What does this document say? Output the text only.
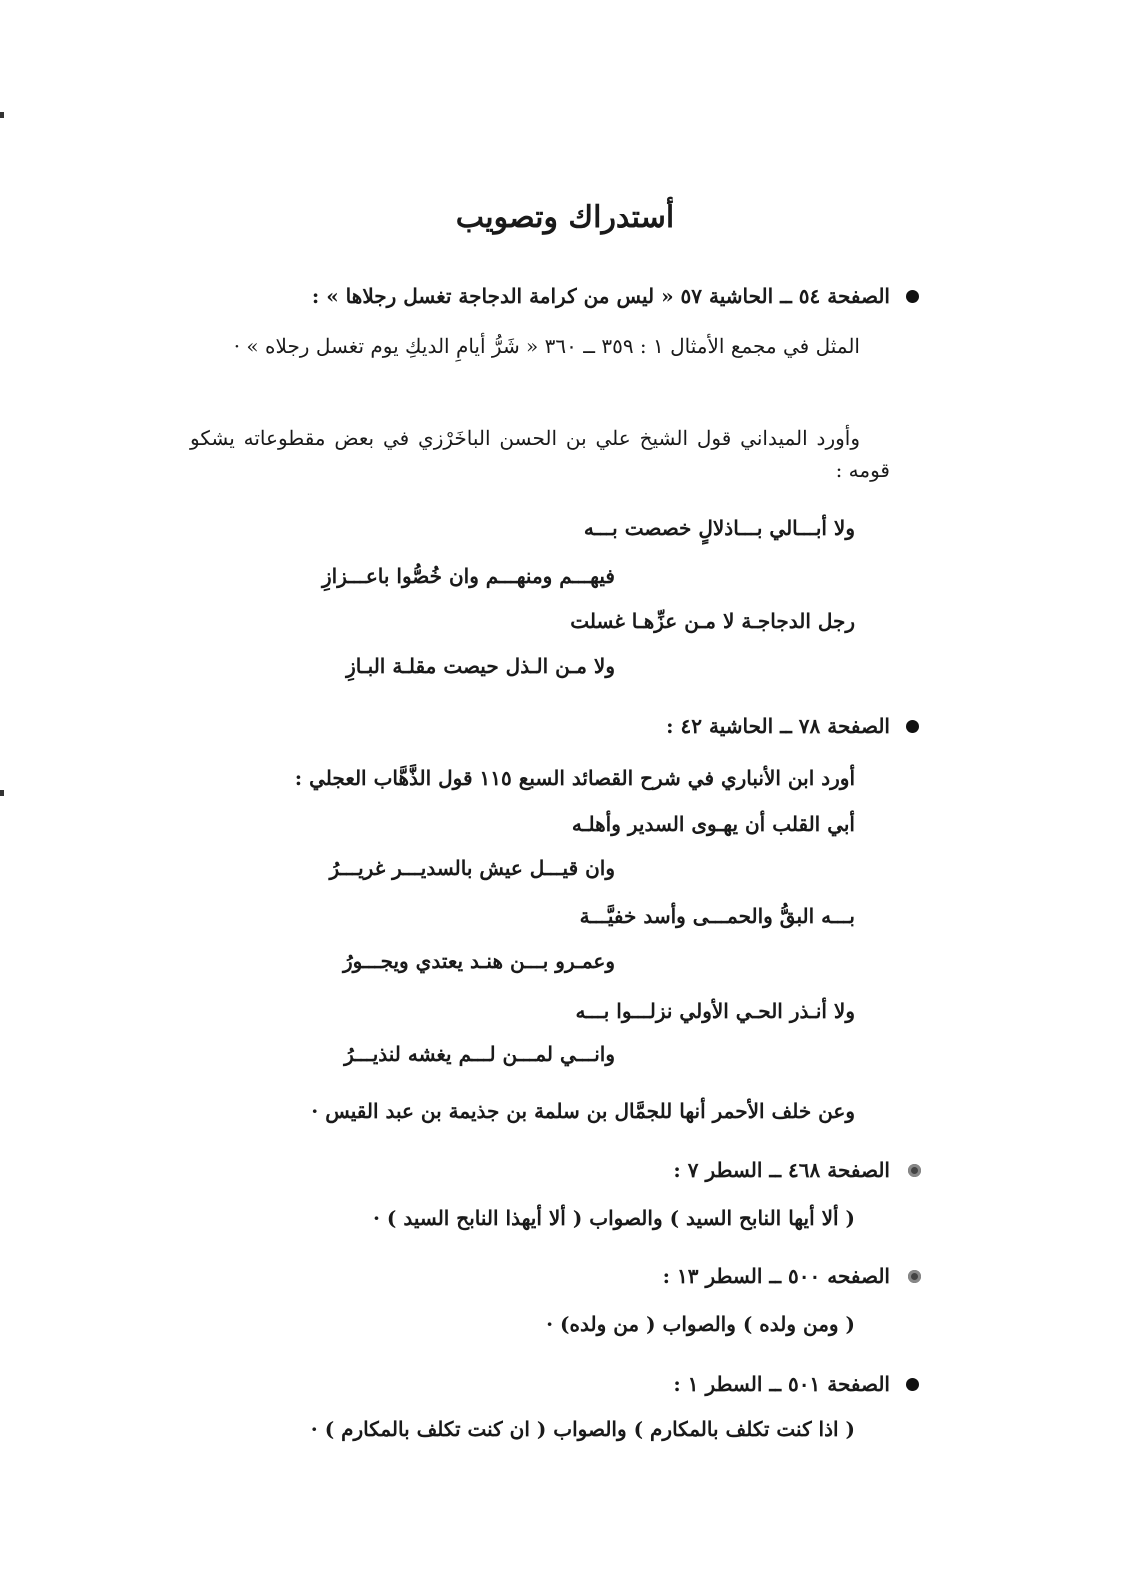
أستدراك وتصويب
الصفحة ٥٤ ــ الحاشية ٥٧ « ليس من كرامة الدجاجة تغسل رجلاها » :
المثل في مجمع الأمثال ١ : ٣٥٩ ــ ٣٦٠ « شَرُّ أيامِ الديكِ يوم تغسل رجلاه » ·
وأورد الميداني قول الشيخ علي بن الحسن الباخَرْزي في بعض مقطوعاته يشكو قومه :
ولا أبـــالي بـــاذلالٍ خصصت بـــه
فيهـــم ومنهـــم وان خُصُّوا باعـــزازِ
رجل الدجاجـة لا مـن عزِّهـا غسلت
ولا مـن الـذل حيصت مقلـة البـازِ
الصفحة ٧٨ ــ الحاشية ٤٢ :
أورد ابن الأنباري في شرح القصائد السبع ١١٥ قول الذَّهَّاب العجلي :
أبي القلب أن يهـوى السدير وأهلـه
وان قيـــل عيش بالسديـــر غريـــرُ
بـــه البقُّ والحمـــى وأسد خفيَّـــة
وعمـرو بـــن هنـد يعتدي ويجـــورُ
ولا أنـذر الحـي الأولي نزلـــوا بـــه
وانـــي لمـــن لـــم يغشه لنذيـــرُ
وعن خلف الأحمر أنها للجمَّال بن سلمة بن جذيمة بن عبد القيس ·
الصفحة ٤٦٨ ــ السطر ٧ :
( ألا أيها النابح السيد ) والصواب ( ألا أيهذا النابح السيد ) ·
الصفحه ٥٠٠ ــ السطر ١٣ :
( ومن ولده ) والصواب ( من ولده) ·
الصفحة ٥٠١ ــ السطر ١ :
( اذا كنت تكلف بالمكارم ) والصواب ( ان كنت تكلف بالمكارم ) ·
